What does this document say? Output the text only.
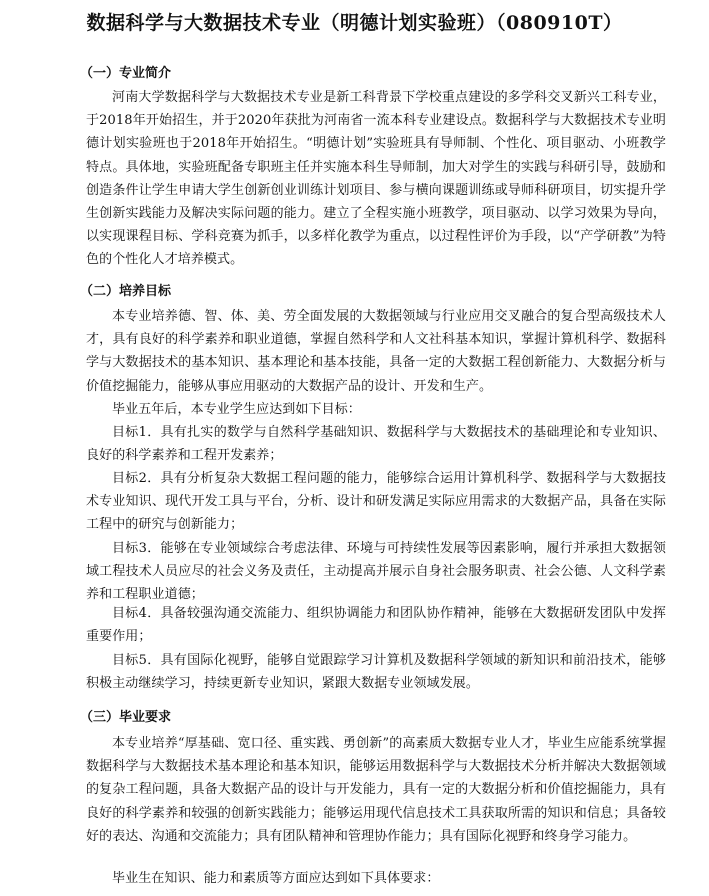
数据科学与大数据技术专业（明德计划实验班）（080910T）
（一）专业简介
河南大学数据科学与大数据技术专业是新工科背景下学校重点建设的多学科交叉新兴工科专业，于2018年开始招生，并于2020年获批为河南省一流本科专业建设点。数据科学与大数据技术专业明德计划实验班也于2018年开始招生。“明德计划”实验班具有导师制、个性化、项目驱动、小班教学特点。具体地，实验班配备专职班主任并实施本科生导师制，加大对学生的实践与科研引导，鼓励和创造条件让学生申请大学生创新创业训练计划项目、参与横向课题训练或导师科研项目，切实提升学生创新实践能力及解决实际问题的能力。建立了全程实施小班教学，项目驱动、以学习效果为导向，以实现课程目标、学科竞赛为抓手，以多样化教学为重点，以过程性评价为手段，以“产学研教”为特色的个性化人才培养模式。
（二）培养目标
本专业培养德、智、体、美、劳全面发展的大数据领域与行业应用交叉融合的复合型高级技术人才，具有良好的科学素养和职业道德，掌握自然科学和人文社科基本知识，掌握计算机科学、数据科学与大数据技术的基本知识、基本理论和基本技能，具备一定的大数据工程创新能力、大数据分析与价值挖掘能力，能够从事应用驱动的大数据产品的设计、开发和生产。
毕业五年后，本专业学生应达到如下目标：
目标1．具有扎实的数学与自然科学基础知识、数据科学与大数据技术的基础理论和专业知识、良好的科学素养和工程开发素养；
目标2．具有分析复杂大数据工程问题的能力，能够综合运用计算机科学、数据科学与大数据技术专业知识、现代开发工具与平台，分析、设计和研发满足实际应用需求的大数据产品，具备在实际工程中的研究与创新能力；
目标3．能够在专业领域综合考虑法律、环境与可持续性发展等因素影响，履行并承担大数据领域工程技术人员应尽的社会义务及责任，主动提高并展示自身社会服务职责、社会公德、人文科学素养和工程职业道德；
目标4．具备较强沟通交流能力、组织协调能力和团队协作精神，能够在大数据研发团队中发挥重要作用；
目标5．具有国际化视野，能够自觉跟踪学习计算机及数据科学领域的新知识和前沿技术，能够积极主动继续学习，持续更新专业知识，紧跟大数据专业领域发展。
（三）毕业要求
本专业培养“厚基础、宽口径、重实践、勇创新”的高素质大数据专业人才，毕业生应能系统掌握数据科学与大数据技术基本理论和基本知识，能够运用数据科学与大数据技术分析并解决大数据领域的复杂工程问题，具备大数据产品的设计与开发能力，具有一定的大数据分析和价值挖掘能力，具有良好的科学素养和较强的创新实践能力；能够运用现代信息技术工具获取所需的知识和信息；具备较好的表达、沟通和交流能力；具有团队精神和管理协作能力；具有国际化视野和终身学习能力。
毕业生在知识、能力和素质等方面应达到如下具体要求：
